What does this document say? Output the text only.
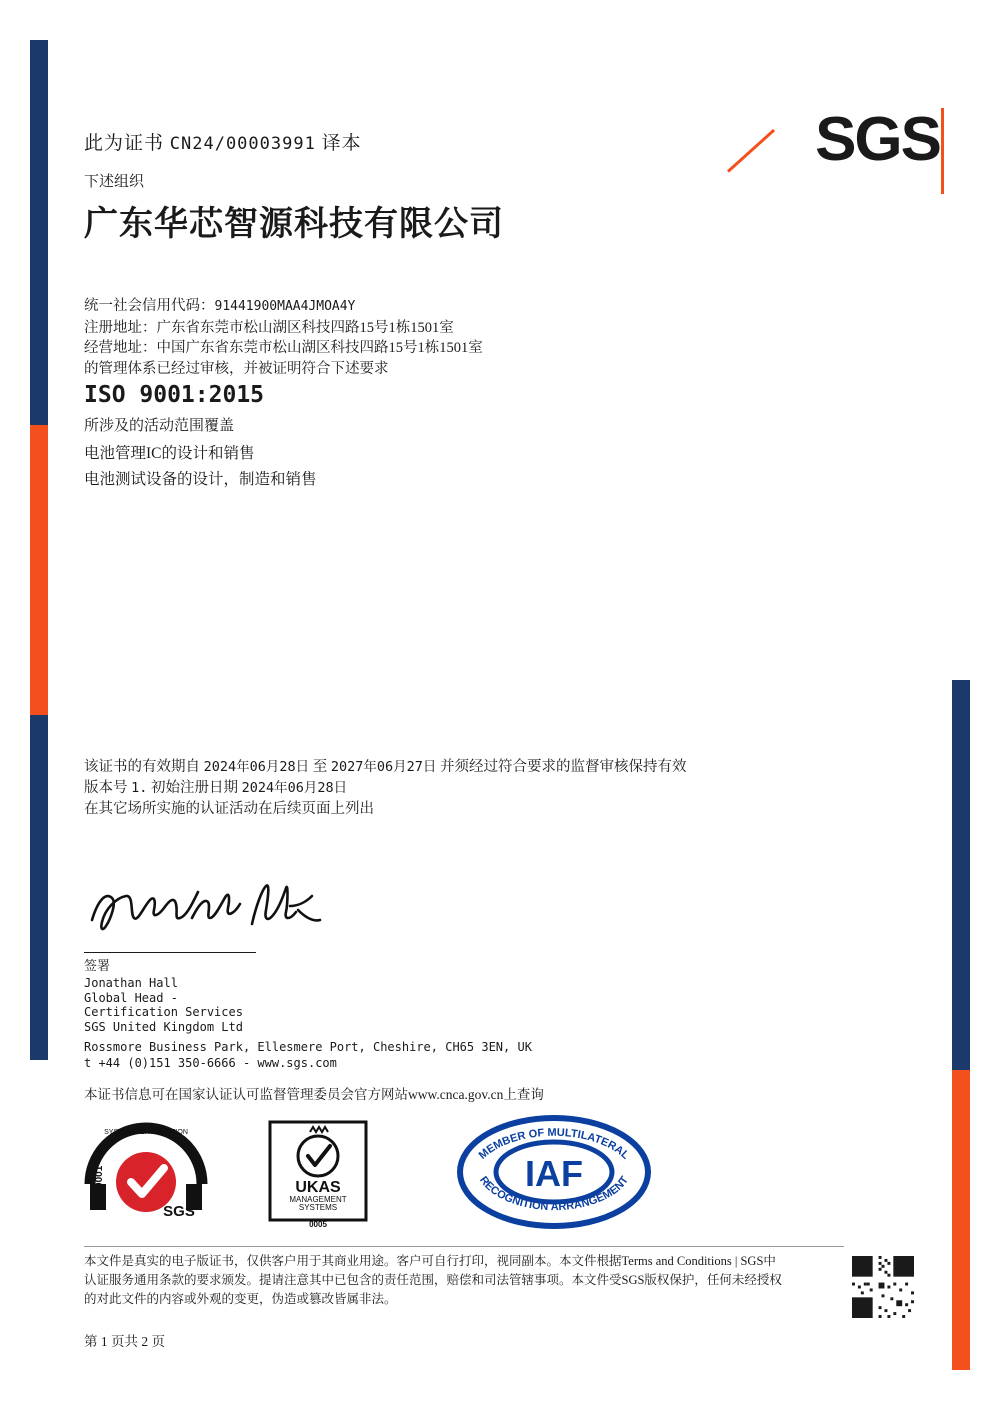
SGS
此为证书 CN24/00003991 译本
下述组织
广东华芯智源科技有限公司
统一社会信用代码：91441900MAA4JMOA4Y
注册地址：广东省东莞市松山湖区科技四路15号1栋1501室
经营地址：中国广东省东莞市松山湖区科技四路15号1栋1501室
的管理体系已经过审核，并被证明符合下述要求
ISO 9001:2015
所涉及的活动范围覆盖
电池管理IC的设计和销售
电池测试设备的设计，制造和销售
该证书的有效期自 2024年06月28日 至 2027年06月27日 并须经过符合要求的监督审核保持有效
版本号 1. 初始注册日期 2024年06月28日
在其它场所实施的认证活动在后续页面上列出
签署
Jonathan Hall
Global Head -
Certification Services
SGS United Kingdom Ltd
Rossmore Business Park, Ellesmere Port, Cheshire, CH65 3EN, UK
t +44 (0)151 350-6666 - www.sgs.com
本证书信息可在国家认证认可监督管理委员会官方网站www.cnca.gov.cn上查询
SYSTEM CERTIFICATION
ISO 9001
SGS
UKAS
MANAGEMENT
SYSTEMS
0005
IAF
MEMBER OF MULTILATERAL
RECOGNITION ARRANGEMENT
本文件是真实的电子版证书，仅供客户用于其商业用途。客户可自行打印，视同副本。本文件根据Terms and Conditions | SGS中认证服务通用条款的要求颁发。提请注意其中已包含的责任范围，赔偿和司法管辖事项。本文件受SGS版权保护，任何未经授权的对此文件的内容或外观的变更，伪造或篡改皆属非法。
第 1 页共 2 页
